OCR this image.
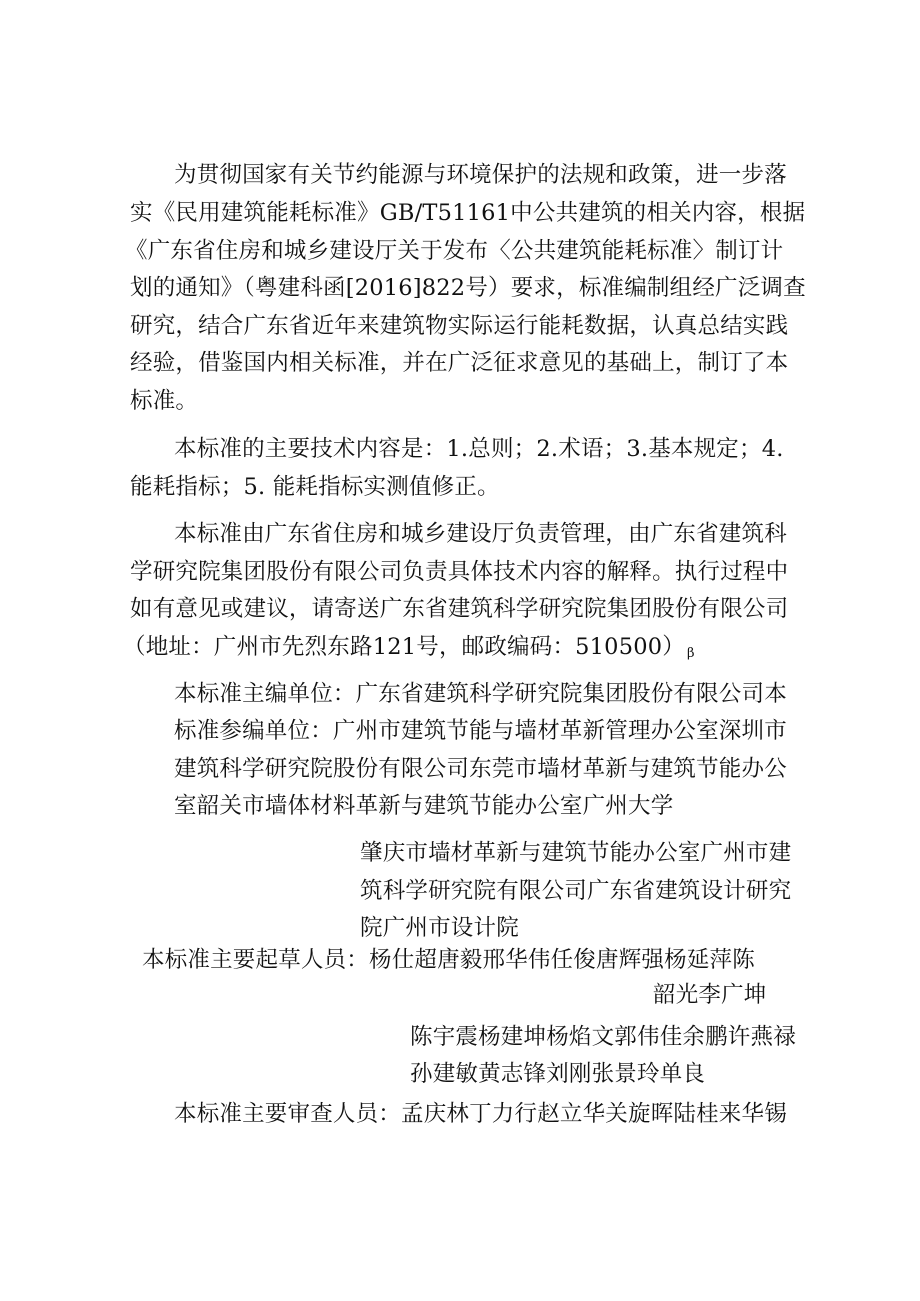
为贯彻国家有关节约能源与环境保护的法规和政策，进一步落
实《民用建筑能耗标准》GB/T51161中公共建筑的相关内容，根据
《广东省住房和城乡建设厅关于发布〈公共建筑能耗标准〉制订计
划的通知》（粤建科函[2016]822号）要求，标准编制组经广泛调查
研究，结合广东省近年来建筑物实际运行能耗数据，认真总结实践
经验，借鉴国内相关标准，并在广泛征求意见的基础上，制订了本
标准。
本标准的主要技术内容是：1.总则；2.术语；3.基本规定；4.
能耗指标；5. 能耗指标实测值修正。
本标准由广东省住房和城乡建设厅负责管理，由广东省建筑科
学研究院集团股份有限公司负责具体技术内容的解释。执行过程中
如有意见或建议，请寄送广东省建筑科学研究院集团股份有限公司
（地址：广州市先烈东路121号，邮政编码：510500） $_\beta$
本标准主编单位：广东省建筑科学研究院集团股份有限公司本
标准参编单位：广州市建筑节能与墙材革新管理办公室深圳市
建筑科学研究院股份有限公司东莞市墙材革新与建筑节能办公
室韶关市墙体材料革新与建筑节能办公室广州大学
肇庆市墙材革新与建筑节能办公室广州市建
筑科学研究院有限公司广东省建筑设计研究
院广州市设计院
本标准主要起草人员：杨仕超唐毅邢华伟任俊唐辉强杨延萍陈
韶光李广坤
陈宇震杨建坤杨焰文郭伟佳余鹏许燕禄
孙建敏黄志锋刘刚张景玲单良
本标准主要审查人员：孟庆林丁力行赵立华关旋晖陆桂来华锡
